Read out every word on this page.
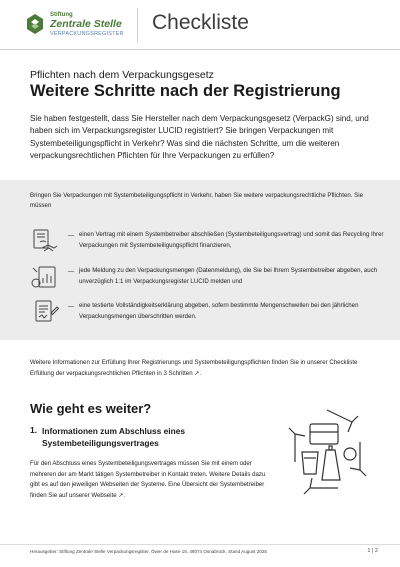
Stiftung
Zentrale Stelle
VERPACKUNGSREGISTER Checkliste
Pflichten nach dem Verpackungsgesetz
Weitere Schritte nach der Registrierung
Sie haben festgestellt, dass Sie Hersteller nach dem Verpackungsgesetz (VerpackG) sind, und haben sich im Verpackungsregister LUCID registriert? Sie bringen Verpackungen mit Systembeteiligungspflicht in Verkehr? Was sind die nächsten Schritte, um die weiteren verpackungsrechtlichen Pflichten für Ihre Verpackungen zu erfüllen?
Bringen Sie Verpackungen mit Systembeteiligungspflicht in Verkehr, haben Sie weitere verpackungsrechtliche Pflichten. Sie müssen
— einen Vertrag mit einem Systembetreiber abschließen (Systembeteiligungsvertrag) und somit das Recycling Ihrer Verpackungen mit Systembeteiligungspflicht finanzieren,
— jede Meldung zu den Verpackungsmengen (Datenmeldung), die Sie bei Ihrem Systembetreiber abgeben, auch unverzüglich 1:1 im Verpackungsregister LUCID melden und
— eine testierte Vollständigkeitserklärung abgeben, sofern bestimmte Mengenschwellen bei den jährlichen Verpackungsmengen überschritten werden.
Weitere Informationen zur Erfüllung Ihrer Registrierungs und Systembeteiligungspflichten finden Sie in unserer Checkliste Erfüllung der verpackungsrechtlichen Pflichten in 3 Schritten ↗.
Wie geht es weiter?
1. Informationen zum Abschluss eines Systembeteiligungsvertrages
Für den Abschluss eines Systembeteiligungsvertrages müssen Sie mit einem oder mehreren der am Markt tätigen Systembetreiber in Kontakt treten. Weitere Details dazu gibt es auf den jeweiligen Webseiten der Systeme. Eine Übersicht der Systembetreiber finden Sie auf unserer Webseite ↗.
Herausgeber: Stiftung Zentrale Stelle Verpackungsregister, Öwer de Hase 18, 49074 Osnabrück, Stand August 2025	1 | 2
